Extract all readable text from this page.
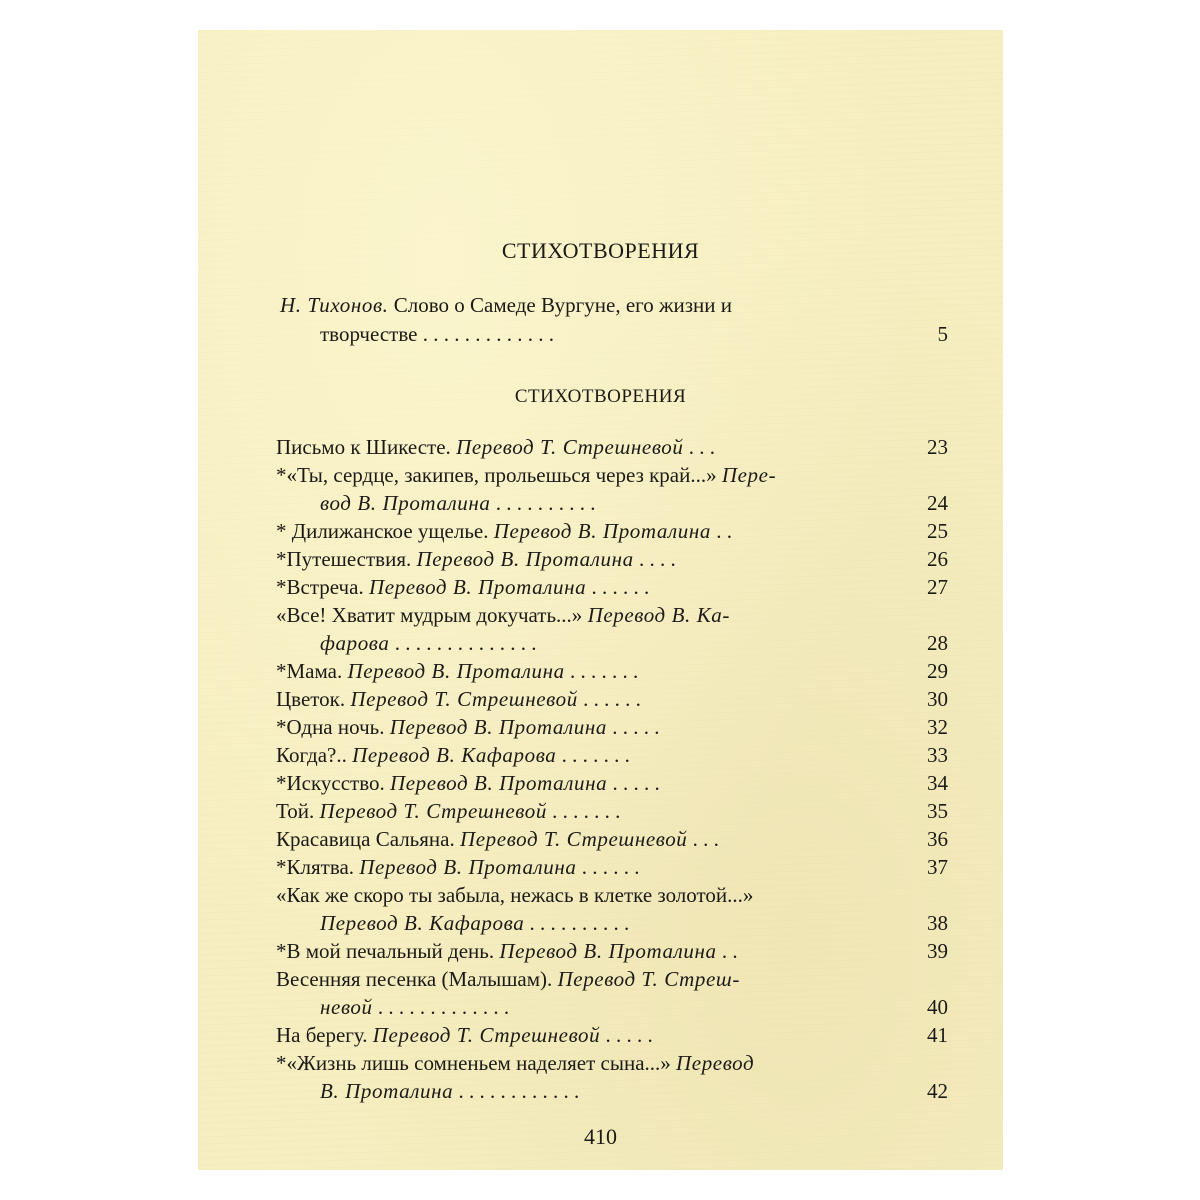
СТИХОТВОРЕНИЯ
Н. Тихонов. Слово о Самеде Вургуне, его жизни и
творчестве . . . . . . . . . . . . .	5
СТИХОТВОРЕНИЯ
Письмо к Шикесте. Перевод Т. Стрешневой . . .	23
*«Ты, сердце, закипев, прольешься через край...» Пере-
вод В. Проталина . . . . . . . . . .	24
* Дилижанское ущелье. Перевод В. Проталина . .	25
*Путешествия. Перевод В. Проталина . . . .	26
*Встреча. Перевод В. Проталина . . . . . .	27
«Все! Хватит мудрым докучать...» Перевод В. Ка-
фарова . . . . . . . . . . . . . .	28
*Мама. Перевод В. Проталина . . . . . . .	29
Цветок. Перевод Т. Стрешневой . . . . . .	30
*Одна ночь. Перевод В. Проталина . . . . .	32
Когда?.. Перевод В. Кафарова . . . . . . .	33
*Искусство. Перевод В. Проталина . . . . .	34
Той. Перевод Т. Стрешневой . . . . . . .	35
Красавица Сальяна. Перевод Т. Стрешневой . . .	36
*Клятва. Перевод В. Проталина . . . . . .	37
«Как же скоро ты забыла, нежась в клетке золотой...»
Перевод В. Кафарова . . . . . . . . . .	38
*В мой печальный день. Перевод В. Проталина . .	39
Весенняя песенка (Малышам). Перевод Т. Стреш-
невой . . . . . . . . . . . . .	40
На берегу. Перевод Т. Стрешневой . . . . .	41
*«Жизнь лишь сомненьем наделяет сына...» Перевод
В. Проталина . . . . . . . . . . . .	42
410
